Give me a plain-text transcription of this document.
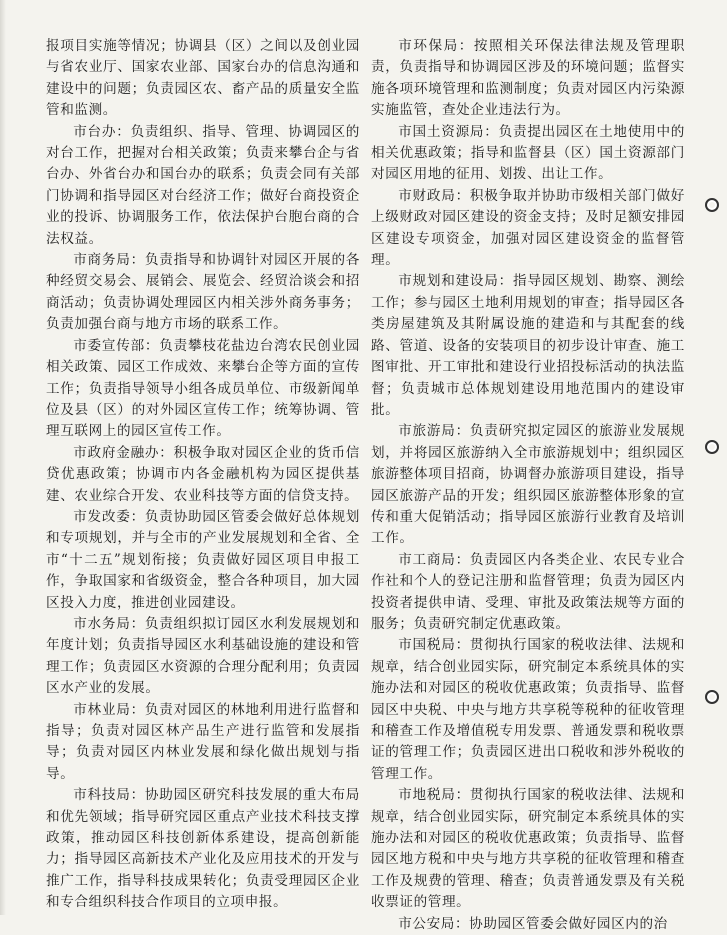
报项目实施等情况；协调县（区）之间以及创业园与省农业厅、国家农业部、国家台办的信息沟通和建设中的问题；负责园区农、畜产品的质量安全监管和监测。

市台办：负责组织、指导、管理、协调园区的对台工作，把握对台相关政策；负责来攀台企与省台办、外省台办和国台办的联系；负责会同有关部门协调和指导园区对台经济工作；做好台商投资企业的投诉、协调服务工作，依法保护台胞台商的合法权益。

市商务局：负责指导和协调针对园区开展的各种经贸交易会、展销会、展览会、经贸洽谈会和招商活动；负责协调处理园区内相关涉外商务事务；负责加强台商与地方市场的联系工作。

市委宣传部：负责攀枝花盐边台湾农民创业园相关政策、园区工作成效、来攀台企等方面的宣传工作；负责指导领导小组各成员单位、市级新闻单位及县（区）的对外园区宣传工作；统筹协调、管理互联网上的园区宣传工作。

市政府金融办：积极争取对园区企业的货币信贷优惠政策；协调市内各金融机构为园区提供基建、农业综合开发、农业科技等方面的信贷支持。

市发改委：负责协助园区管委会做好总体规划和专项规划，并与全市的产业发展规划和全省、全市“十二五”规划衔接；负责做好园区项目申报工作，争取国家和省级资金，整合各种项目，加大园区投入力度，推进创业园建设。

市水务局：负责组织拟订园区水利发展规划和年度计划；负责指导园区水利基础设施的建设和管理工作；负责园区水资源的合理分配利用；负责园区水产业的发展。

市林业局：负责对园区的林地利用进行监督和指导；负责对园区林产品生产进行监管和发展指导；负责对园区内林业发展和绿化做出规划与指导。

市科技局：协助园区研究科技发展的重大布局和优先领域；指导研究园区重点产业技术科技支撑政策，推动园区科技创新体系建设，提高创新能力；指导园区高新技术产业化及应用技术的开发与推广工作，指导科技成果转化；负责受理园区企业和专合组织科技合作项目的立项申报。

市环保局：按照相关环保法律法规及管理职责，负责指导和协调园区涉及的环境问题；监督实施各项环境管理和监测制度；负责对园区内污染源实施监管，查处企业违法行为。

市国土资源局：负责提出园区在土地使用中的相关优惠政策；指导和监督县（区）国土资源部门对园区用地的征用、划拨、出让工作。

市财政局：积极争取并协助市级相关部门做好上级财政对园区建设的资金支持；及时足额安排园区建设专项资金，加强对园区建设资金的监督管理。

市规划和建设局：指导园区规划、勘察、测绘工作；参与园区土地利用规划的审查；指导园区各类房屋建筑及其附属设施的建造和与其配套的线路、管道、设备的安装项目的初步设计审查、施工图审批、开工审批和建设行业招投标活动的执法监督；负责城市总体规划建设用地范围内的建设审批。

市旅游局：负责研究拟定园区的旅游业发展规划，并将园区旅游纳入全市旅游规划中；组织园区旅游整体项目招商，协调督办旅游项目建设，指导园区旅游产品的开发；组织园区旅游整体形象的宣传和重大促销活动；指导园区旅游行业教育及培训工作。

市工商局：负责园区内各类企业、农民专业合作社和个人的登记注册和监督管理；负责为园区内投资者提供申请、受理、审批及政策法规等方面的服务；负责研究制定优惠政策。

市国税局：贯彻执行国家的税收法律、法规和规章，结合创业园实际，研究制定本系统具体的实施办法和对园区的税收优惠政策；负责指导、监督园区中央税、中央与地方共享税等税种的征收管理和稽查工作及增值税专用发票、普通发票和税收票证的管理工作；负责园区进出口税收和涉外税收的管理工作。

市地税局：贯彻执行国家的税收法律、法规和规章，结合创业园实际，研究制定本系统具体的实施办法和对园区的税收优惠政策；负责指导、监督园区地方税和中央与地方共享税的征收管理和稽查工作及规费的管理、稽查；负责普通发票及有关税收票证的管理。

市公安局：协助园区管委会做好园区内的治
